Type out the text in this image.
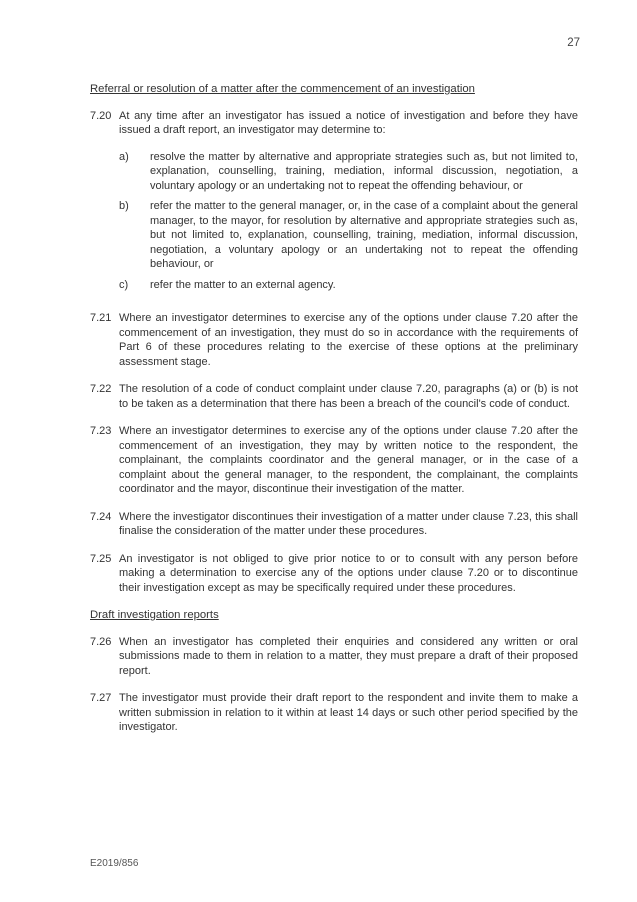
27

Referral or resolution of a matter after the commencement of an investigation

7.20 At any time after an investigator has issued a notice of investigation and before they have issued a draft report, an investigator may determine to:
a)	resolve the matter by alternative and appropriate strategies such as, but not limited to, explanation, counselling, training, mediation, informal discussion, negotiation, a voluntary apology or an undertaking not to repeat the offending behaviour, or
b)	refer the matter to the general manager, or, in the case of a complaint about the general manager, to the mayor, for resolution by alternative and appropriate strategies such as, but not limited to, explanation, counselling, training, mediation, informal discussion, negotiation, a voluntary apology or an undertaking not to repeat the offending behaviour, or
c)	refer the matter to an external agency.
7.21 Where an investigator determines to exercise any of the options under clause 7.20 after the commencement of an investigation, they must do so in accordance with the requirements of Part 6 of these procedures relating to the exercise of these options at the preliminary assessment stage.
7.22 The resolution of a code of conduct complaint under clause 7.20, paragraphs (a) or (b) is not to be taken as a determination that there has been a breach of the council's code of conduct.
7.23 Where an investigator determines to exercise any of the options under clause 7.20 after the commencement of an investigation, they may by written notice to the respondent, the complainant, the complaints coordinator and the general manager, or in the case of a complaint about the general manager, to the respondent, the complainant, the complaints coordinator and the mayor, discontinue their investigation of the matter.
7.24 Where the investigator discontinues their investigation of a matter under clause 7.23, this shall finalise the consideration of the matter under these procedures.
7.25 An investigator is not obliged to give prior notice to or to consult with any person before making a determination to exercise any of the options under clause 7.20 or to discontinue their investigation except as may be specifically required under these procedures.

Draft investigation reports

7.26 When an investigator has completed their enquiries and considered any written or oral submissions made to them in relation to a matter, they must prepare a draft of their proposed report.
7.27 The investigator must provide their draft report to the respondent and invite them to make a written submission in relation to it within at least 14 days or such other period specified by the investigator.
E2019/856
